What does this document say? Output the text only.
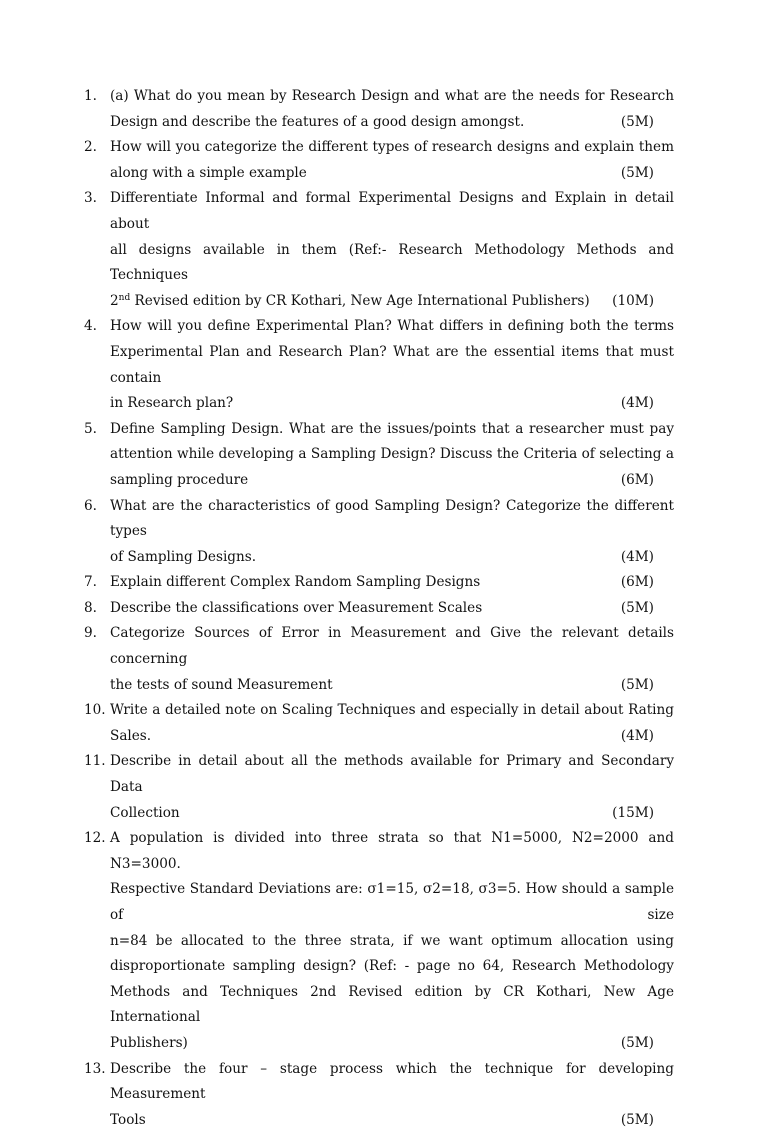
1. (a) What do you mean by Research Design and what are the needs for Research
Design and describe the features of a good design amongst.	(5M)
2. How will you categorize the different types of research designs and explain them
along with a simple example	(5M)
3. Differentiate Informal and formal Experimental Designs and Explain in detail about
all designs available in them (Ref:- Research Methodology Methods and Techniques
2nd Revised edition by CR Kothari, New Age International Publishers) (10M)
4. How will you define Experimental Plan? What differs in defining both the terms
Experimental Plan and Research Plan? What are the essential items that must contain
in Research plan?	(4M)
5. Define Sampling Design. What are the issues/points that a researcher must pay
attention while developing a Sampling Design? Discuss the Criteria of selecting a
sampling procedure	(6M)
6. What are the characteristics of good Sampling Design? Categorize the different types
of Sampling Designs.	(4M)
7. Explain different Complex Random Sampling Designs	(6M)
8. Describe the classifications over Measurement Scales	(5M)
9. Categorize Sources of Error in Measurement and Give the relevant details concerning
the tests of sound Measurement	(5M)
10. Write a detailed note on Scaling Techniques and especially in detail about Rating
Sales.	(4M)
11. Describe in detail about all the methods available for Primary and Secondary Data
Collection	(15M)
12. A population is divided into three strata so that N1=5000, N2=2000 and N3=3000.
Respective Standard Deviations are: σ1=15, σ2=18, σ3=5. How should a sample of size
n=84 be allocated to the three strata, if we want optimum allocation using
disproportionate sampling design? (Ref: - page no 64, Research Methodology
Methods and Techniques 2nd Revised edition by CR Kothari, New Age International
Publishers)	(5M)
13. Describe the four – stage process which the technique for developing Measurement
Tools	(5M)
